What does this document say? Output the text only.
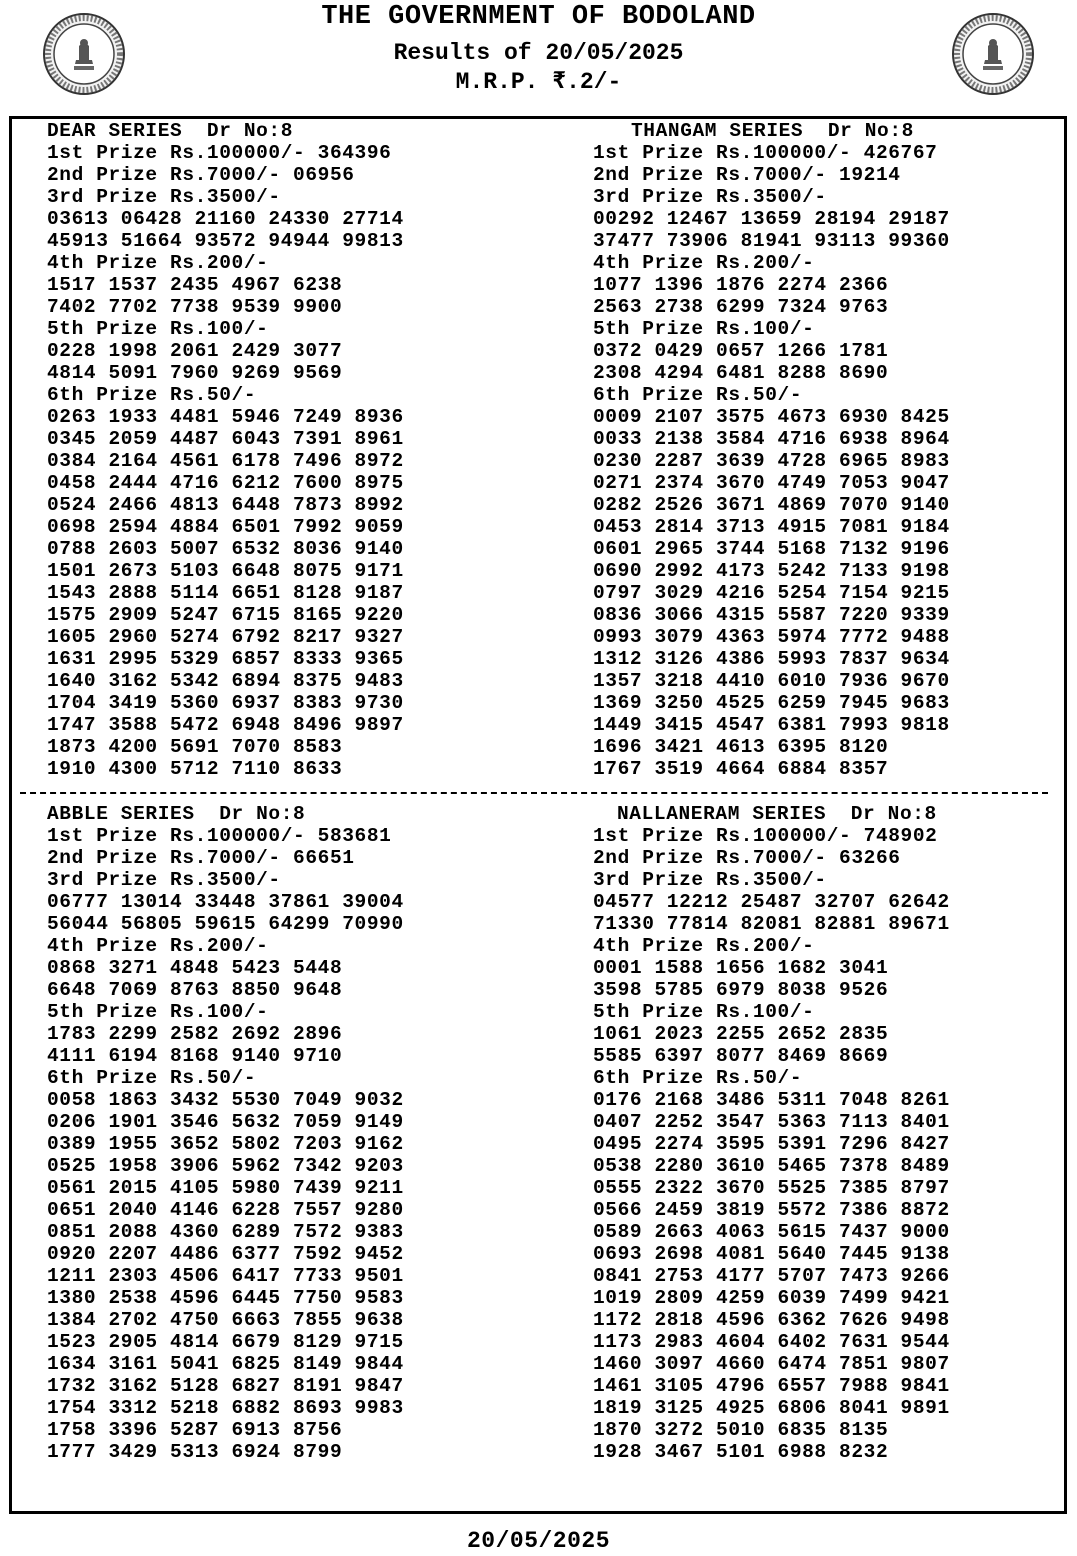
THE GOVERNMENT OF BODOLAND
Results of 20/05/2025
M.R.P. ₹.2/-
DEAR SERIES  Dr No:8
1st Prize Rs.100000/- 364396
2nd Prize Rs.7000/- 06956
3rd Prize Rs.3500/-
03613 06428 21160 24330 27714
45913 51664 93572 94944 99813
4th Prize Rs.200/-
1517 1537 2435 4967 6238
7402 7702 7738 9539 9900
5th Prize Rs.100/-
0228 1998 2061 2429 3077
4814 5091 7960 9269 9569
6th Prize Rs.50/-
0263 1933 4481 5946 7249 8936
0345 2059 4487 6043 7391 8961
0384 2164 4561 6178 7496 8972
0458 2444 4716 6212 7600 8975
0524 2466 4813 6448 7873 8992
0698 2594 4884 6501 7992 9059
0788 2603 5007 6532 8036 9140
1501 2673 5103 6648 8075 9171
1543 2888 5114 6651 8128 9187
1575 2909 5247 6715 8165 9220
1605 2960 5274 6792 8217 9327
1631 2995 5329 6857 8333 9365
1640 3162 5342 6894 8375 9483
1704 3419 5360 6937 8383 9730
1747 3588 5472 6948 8496 9897
1873 4200 5691 7070 8583
1910 4300 5712 7110 8633
THANGAM SERIES  Dr No:8
1st Prize Rs.100000/- 426767
2nd Prize Rs.7000/- 19214
3rd Prize Rs.3500/-
00292 12467 13659 28194 29187
37477 73906 81941 93113 99360
4th Prize Rs.200/-
1077 1396 1876 2274 2366
2563 2738 6299 7324 9763
5th Prize Rs.100/-
0372 0429 0657 1266 1781
2308 4294 6481 8288 8690
6th Prize Rs.50/-
0009 2107 3575 4673 6930 8425
0033 2138 3584 4716 6938 8964
0230 2287 3639 4728 6965 8983
0271 2374 3670 4749 7053 9047
0282 2526 3671 4869 7070 9140
0453 2814 3713 4915 7081 9184
0601 2965 3744 5168 7132 9196
0690 2992 4173 5242 7133 9198
0797 3029 4216 5254 7154 9215
0836 3066 4315 5587 7220 9339
0993 3079 4363 5974 7772 9488
1312 3126 4386 5993 7837 9634
1357 3218 4410 6010 7936 9670
1369 3250 4525 6259 7945 9683
1449 3415 4547 6381 7993 9818
1696 3421 4613 6395 8120
1767 3519 4664 6884 8357
ABBLE SERIES  Dr No:8
1st Prize Rs.100000/- 583681
2nd Prize Rs.7000/- 66651
3rd Prize Rs.3500/-
06777 13014 33448 37861 39004
56044 56805 59615 64299 70990
4th Prize Rs.200/-
0868 3271 4848 5423 5448
6648 7069 8763 8850 9648
5th Prize Rs.100/-
1783 2299 2582 2692 2896
4111 6194 8168 9140 9710
6th Prize Rs.50/-
0058 1863 3432 5530 7049 9032
0206 1901 3546 5632 7059 9149
0389 1955 3652 5802 7203 9162
0525 1958 3906 5962 7342 9203
0561 2015 4105 5980 7439 9211
0651 2040 4146 6228 7557 9280
0851 2088 4360 6289 7572 9383
0920 2207 4486 6377 7592 9452
1211 2303 4506 6417 7733 9501
1380 2538 4596 6445 7750 9583
1384 2702 4750 6663 7855 9638
1523 2905 4814 6679 8129 9715
1634 3161 5041 6825 8149 9844
1732 3162 5128 6827 8191 9847
1754 3312 5218 6882 8693 9983
1758 3396 5287 6913 8756
1777 3429 5313 6924 8799
NALLANERAM SERIES  Dr No:8
1st Prize Rs.100000/- 748902
2nd Prize Rs.7000/- 63266
3rd Prize Rs.3500/-
04577 12212 25487 32707 62642
71330 77814 82081 82881 89671
4th Prize Rs.200/-
0001 1588 1656 1682 3041
3598 5785 6979 8038 9526
5th Prize Rs.100/-
1061 2023 2255 2652 2835
5585 6397 8077 8469 8669
6th Prize Rs.50/-
0176 2168 3486 5311 7048 8261
0407 2252 3547 5363 7113 8401
0495 2274 3595 5391 7296 8427
0538 2280 3610 5465 7378 8489
0555 2322 3670 5525 7385 8797
0566 2459 3819 5572 7386 8872
0589 2663 4063 5615 7437 9000
0693 2698 4081 5640 7445 9138
0841 2753 4177 5707 7473 9266
1019 2809 4259 6039 7499 9421
1172 2818 4596 6362 7626 9498
1173 2983 4604 6402 7631 9544
1460 3097 4660 6474 7851 9807
1461 3105 4796 6557 7988 9841
1819 3125 4925 6806 8041 9891
1870 3272 5010 6835 8135
1928 3467 5101 6988 8232
20/05/2025
